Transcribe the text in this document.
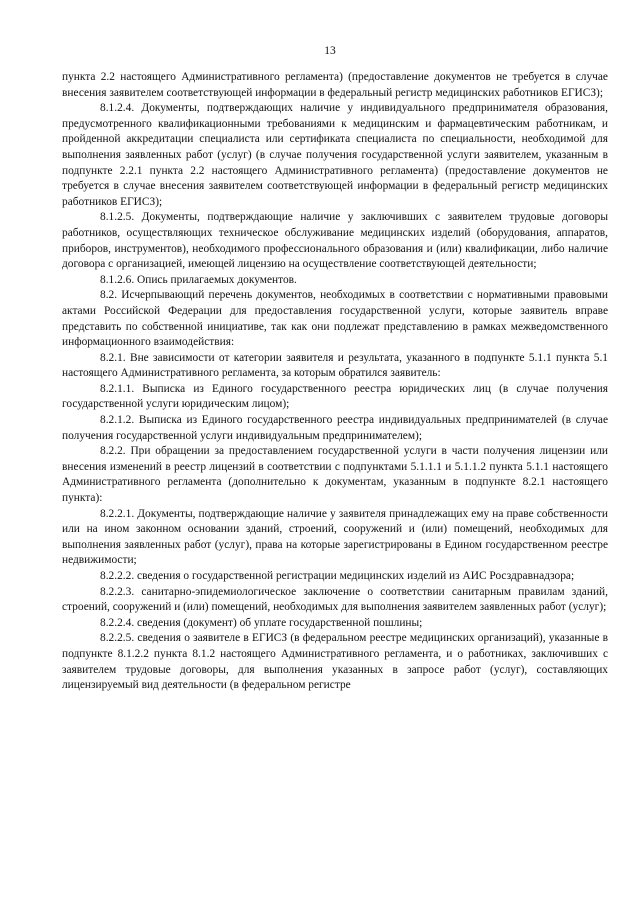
13

пункта 2.2 настоящего Административного регламента) (предоставление документов не требуется в случае внесения заявителем соответствующей информации в федеральный регистр медицинских работников ЕГИСЗ);

8.1.2.4. Документы, подтверждающих наличие у индивидуального предпринимателя образования, предусмотренного квалификационными требованиями к медицинским и фармацевтическим работникам, и пройденной аккредитации специалиста или сертификата специалиста по специальности, необходимой для выполнения заявленных работ (услуг) (в случае получения государственной услуги заявителем, указанным в подпункте 2.2.1 пункта 2.2 настоящего Административного регламента) (предоставление документов не требуется в случае внесения заявителем соответствующей информации в федеральный регистр медицинских работников ЕГИСЗ);

8.1.2.5. Документы, подтверждающие наличие у заключивших с заявителем трудовые договоры работников, осуществляющих техническое обслуживание медицинских изделий (оборудования, аппаратов, приборов, инструментов), необходимого профессионального образования и (или) квалификации, либо наличие договора с организацией, имеющей лицензию на осуществление соответствующей деятельности;

8.1.2.6. Опись прилагаемых документов.

8.2. Исчерпывающий перечень документов, необходимых в соответствии с нормативными правовыми актами Российской Федерации для предоставления государственной услуги, которые заявитель вправе представить по собственной инициативе, так как они подлежат представлению в рамках межведомственного информационного взаимодействия:

8.2.1. Вне зависимости от категории заявителя и результата, указанного в подпункте 5.1.1 пункта 5.1 настоящего Административного регламента, за которым обратился заявитель:

8.2.1.1. Выписка из Единого государственного реестра юридических лиц (в случае получения государственной услуги юридическим лицом);

8.2.1.2. Выписка из Единого государственного реестра индивидуальных предпринимателей (в случае получения государственной услуги индивидуальным предпринимателем);

8.2.2. При обращении за предоставлением государственной услуги в части получения лицензии или внесения изменений в реестр лицензий в соответствии с подпунктами 5.1.1.1 и 5.1.1.2 пункта 5.1.1 настоящего Административного регламента (дополнительно к документам, указанным в подпункте 8.2.1 настоящего пункта):

8.2.2.1. Документы, подтверждающие наличие у заявителя принадлежащих ему на праве собственности или на ином законном основании зданий, строений, сооружений и (или) помещений, необходимых для выполнения заявленных работ (услуг), права на которые зарегистрированы в Едином государственном реестре недвижимости;

8.2.2.2. сведения о государственной регистрации медицинских изделий из АИС Росздравнадзора;

8.2.2.3. санитарно-эпидемиологическое заключение о соответствии санитарным правилам зданий, строений, сооружений и (или) помещений, необходимых для выполнения заявителем заявленных работ (услуг);

8.2.2.4. сведения (документ) об уплате государственной пошлины;

8.2.2.5. сведения о заявителе в ЕГИСЗ (в федеральном реестре медицинских организаций), указанные в подпункте 8.1.2.2 пункта 8.1.2 настоящего Административного регламента, и о работниках, заключивших с заявителем трудовые договоры, для выполнения указанных в запросе работ (услуг), составляющих лицензируемый вид деятельности (в федеральном регистре
